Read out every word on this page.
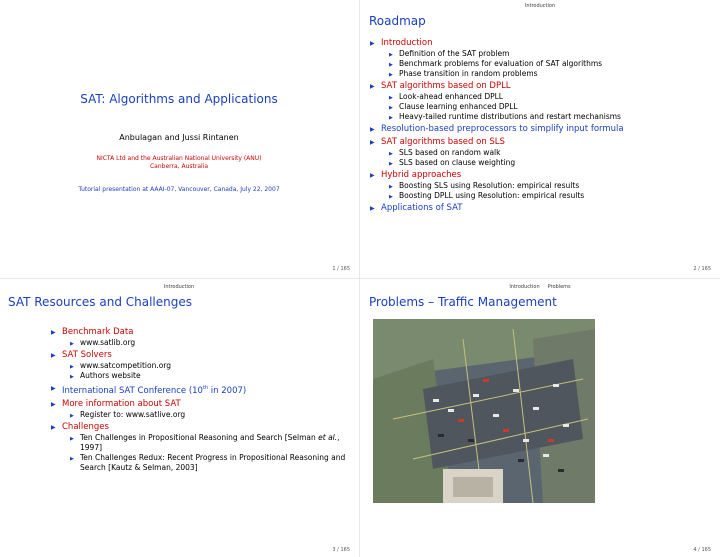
SAT: Algorithms and Applications
Anbulagan and Jussi Rintanen
NICTA Ltd and the Australian National University (ANU)
Canberra, Australia
Tutorial presentation at AAAI-07, Vancouver, Canada, July 22, 2007
1 / 165
Introduction
Roadmap
▶ Introduction
▶ Definition of the SAT problem
▶ Benchmark problems for evaluation of SAT algorithms
▶ Phase transition in random problems
▶ SAT algorithms based on DPLL
▶ Look-ahead enhanced DPLL
▶ Clause learning enhanced DPLL
▶ Heavy-tailed runtime distributions and restart mechanisms
▶ Resolution-based preprocessors to simplify input formula
▶ SAT algorithms based on SLS
▶ SLS based on random walk
▶ SLS based on clause weighting
▶ Hybrid approaches
▶ Boosting SLS using Resolution: empirical results
▶ Boosting DPLL using Resolution: empirical results
▶ Applications of SAT
2 / 165
Introduction
SAT Resources and Challenges
▶ Benchmark Data
▶ www.satlib.org
▶ SAT Solvers
▶ www.satcompetition.org
▶ Authors website
▶ International SAT Conference (10th in 2007)
▶ More information about SAT
▶ Register to: www.satlive.org
▶ Challenges
▶ Ten Challenges in Propositional Reasoning and Search [Selman et al., 1997]
▶ Ten Challenges Redux: Recent Progress in Propositional Reasoning and Search [Kautz & Selman, 2003]
3 / 165
Introduction Problems
Problems – Traffic Management
4 / 165
